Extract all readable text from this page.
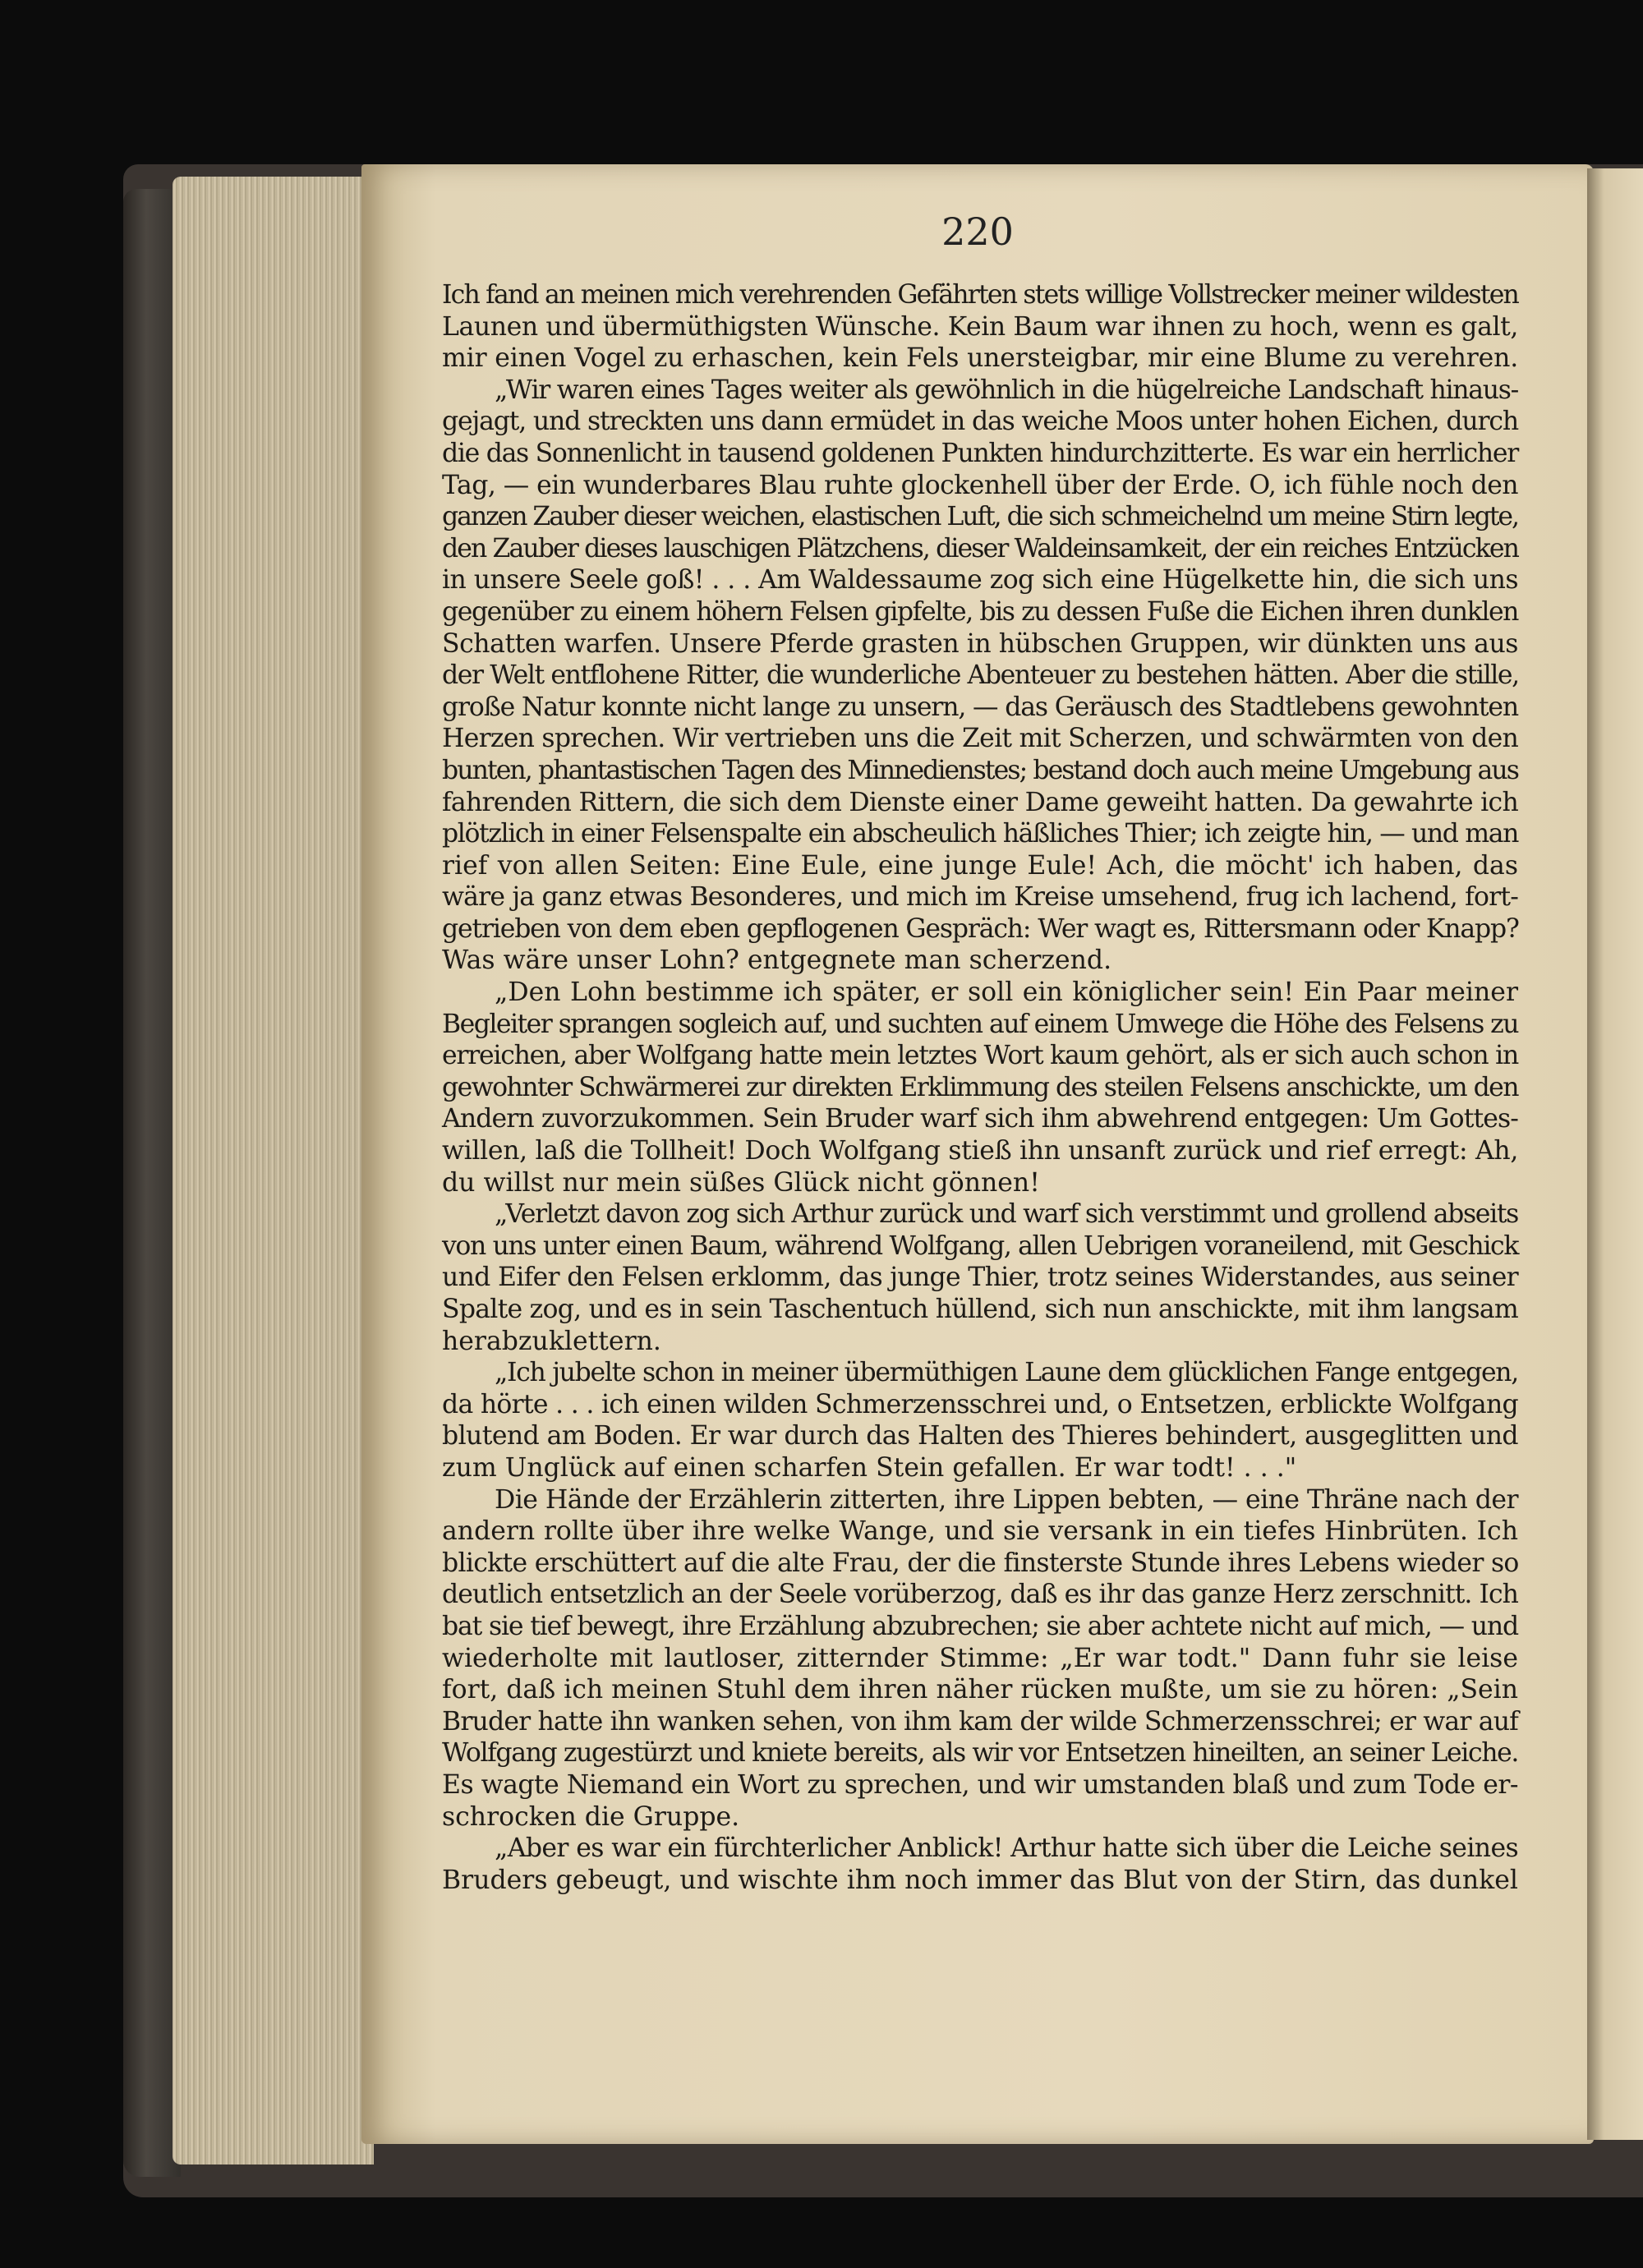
220
Ich fand an meinen mich verehrenden Gefährten stets willige Vollstrecker meiner wildesten
Launen und übermüthigsten Wünsche. Kein Baum war ihnen zu hoch, wenn es galt,
mir einen Vogel zu erhaschen, kein Fels unersteigbar, mir eine Blume zu verehren.
„Wir waren eines Tages weiter als gewöhnlich in die hügelreiche Landschaft hinaus-
gejagt, und streckten uns dann ermüdet in das weiche Moos unter hohen Eichen, durch
die das Sonnenlicht in tausend goldenen Punkten hindurchzitterte. Es war ein herrlicher
Tag, — ein wunderbares Blau ruhte glockenhell über der Erde. O, ich fühle noch den
ganzen Zauber dieser weichen, elastischen Luft, die sich schmeichelnd um meine Stirn legte,
den Zauber dieses lauschigen Plätzchens, dieser Waldeinsamkeit, der ein reiches Entzücken
in unsere Seele goß! . . . Am Waldessaume zog sich eine Hügelkette hin, die sich uns
gegenüber zu einem höhern Felsen gipfelte, bis zu dessen Fuße die Eichen ihren dunklen
Schatten warfen. Unsere Pferde grasten in hübschen Gruppen, wir dünkten uns aus
der Welt entflohene Ritter, die wunderliche Abenteuer zu bestehen hätten. Aber die stille,
große Natur konnte nicht lange zu unsern, — das Geräusch des Stadtlebens gewohnten
Herzen sprechen. Wir vertrieben uns die Zeit mit Scherzen, und schwärmten von den
bunten, phantastischen Tagen des Minnedienstes; bestand doch auch meine Umgebung aus
fahrenden Rittern, die sich dem Dienste einer Dame geweiht hatten. Da gewahrte ich
plötzlich in einer Felsenspalte ein abscheulich häßliches Thier; ich zeigte hin, — und man
rief von allen Seiten: Eine Eule, eine junge Eule! Ach, die möcht' ich haben, das
wäre ja ganz etwas Besonderes, und mich im Kreise umsehend, frug ich lachend, fort-
getrieben von dem eben gepflogenen Gespräch: Wer wagt es, Rittersmann oder Knapp?
Was wäre unser Lohn? entgegnete man scherzend.
„Den Lohn bestimme ich später, er soll ein königlicher sein! Ein Paar meiner
Begleiter sprangen sogleich auf, und suchten auf einem Umwege die Höhe des Felsens zu
erreichen, aber Wolfgang hatte mein letztes Wort kaum gehört, als er sich auch schon in
gewohnter Schwärmerei zur direkten Erklimmung des steilen Felsens anschickte, um den
Andern zuvorzukommen. Sein Bruder warf sich ihm abwehrend entgegen: Um Gottes-
willen, laß die Tollheit! Doch Wolfgang stieß ihn unsanft zurück und rief erregt: Ah,
du willst nur mein süßes Glück nicht gönnen!
„Verletzt davon zog sich Arthur zurück und warf sich verstimmt und grollend abseits
von uns unter einen Baum, während Wolfgang, allen Uebrigen voraneilend, mit Geschick
und Eifer den Felsen erklomm, das junge Thier, trotz seines Widerstandes, aus seiner
Spalte zog, und es in sein Taschentuch hüllend, sich nun anschickte, mit ihm langsam
herabzuklettern.
„Ich jubelte schon in meiner übermüthigen Laune dem glücklichen Fange entgegen,
da hörte . . . ich einen wilden Schmerzensschrei und, o Entsetzen, erblickte Wolfgang
blutend am Boden. Er war durch das Halten des Thieres behindert, ausgeglitten und
zum Unglück auf einen scharfen Stein gefallen. Er war todt! . . ."
Die Hände der Erzählerin zitterten, ihre Lippen bebten, — eine Thräne nach der
andern rollte über ihre welke Wange, und sie versank in ein tiefes Hinbrüten. Ich
blickte erschüttert auf die alte Frau, der die finsterste Stunde ihres Lebens wieder so
deutlich entsetzlich an der Seele vorüberzog, daß es ihr das ganze Herz zerschnitt. Ich
bat sie tief bewegt, ihre Erzählung abzubrechen; sie aber achtete nicht auf mich, — und
wiederholte mit lautloser, zitternder Stimme: „Er war todt." Dann fuhr sie leise
fort, daß ich meinen Stuhl dem ihren näher rücken mußte, um sie zu hören: „Sein
Bruder hatte ihn wanken sehen, von ihm kam der wilde Schmerzensschrei; er war auf
Wolfgang zugestürzt und kniete bereits, als wir vor Entsetzen hineilten, an seiner Leiche.
Es wagte Niemand ein Wort zu sprechen, und wir umstanden blaß und zum Tode er-
schrocken die Gruppe.
„Aber es war ein fürchterlicher Anblick! Arthur hatte sich über die Leiche seines
Bruders gebeugt, und wischte ihm noch immer das Blut von der Stirn, das dunkel
